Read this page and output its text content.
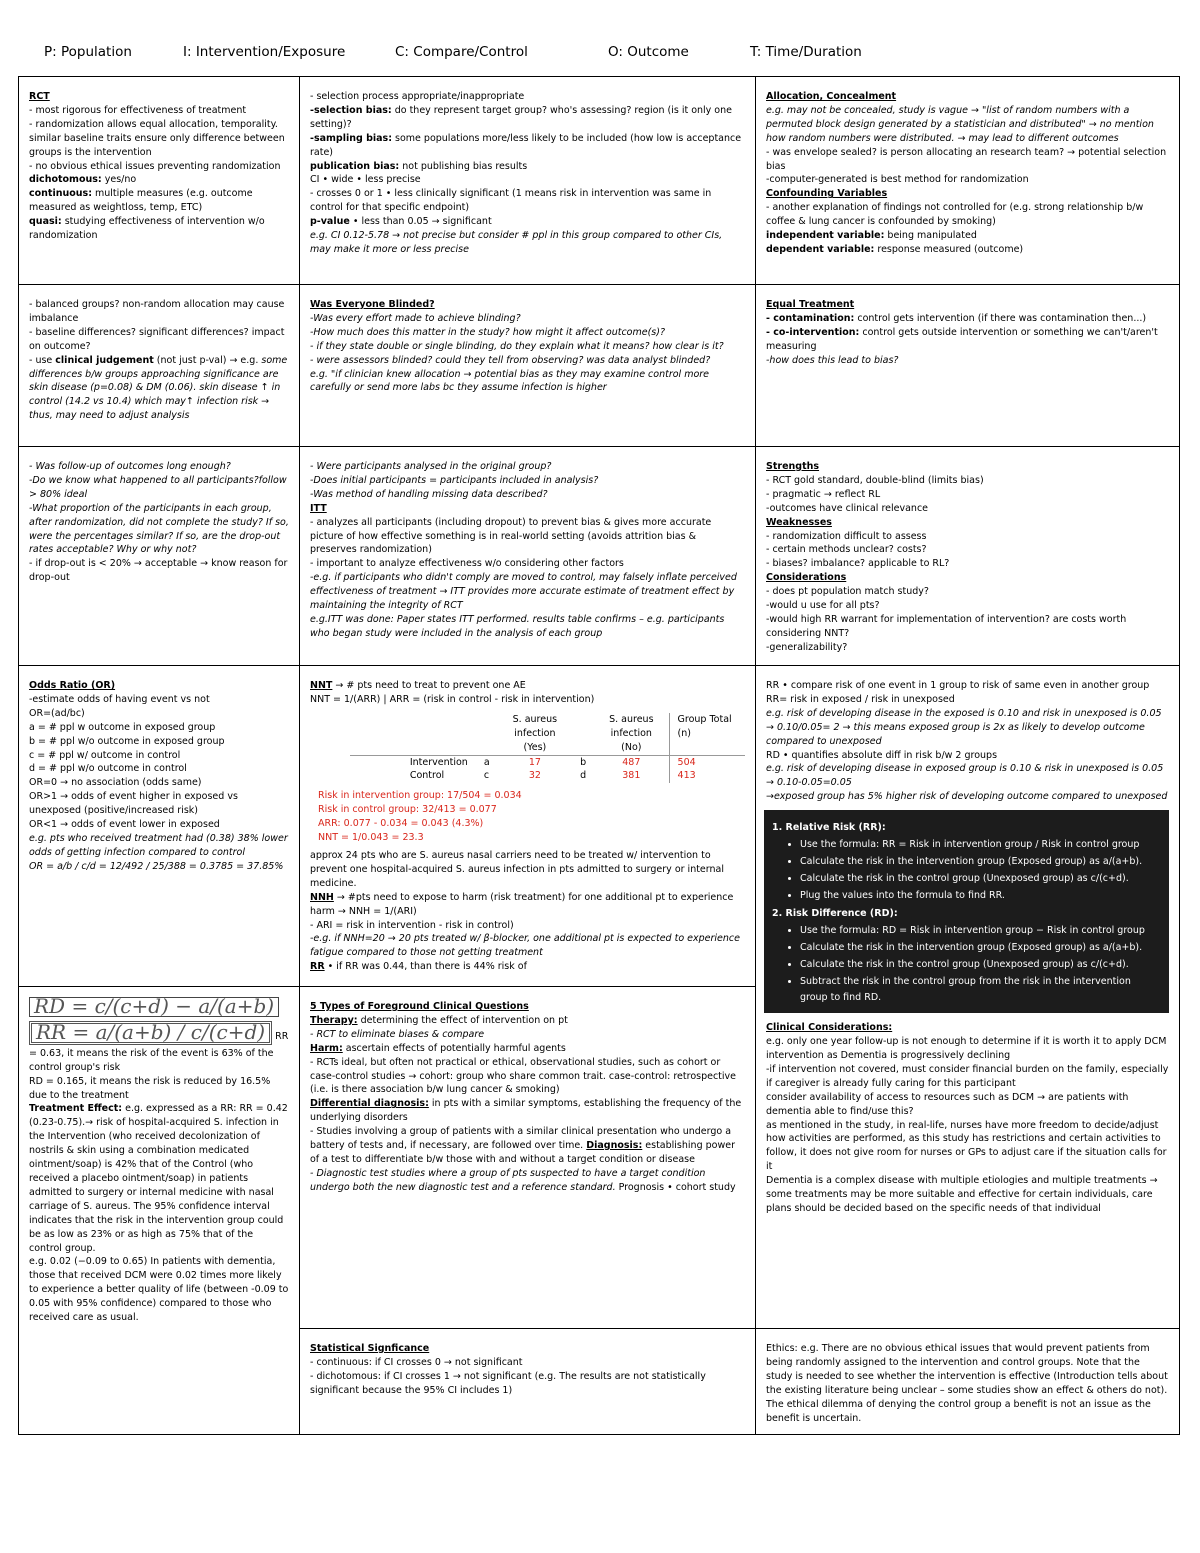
P: Population	I: Intervention/Exposure	C: Compare/Control	O: Outcome	T: Time/Duration

RCT

- most rigorous for effectiveness of treatment

- randomization allows equal allocation, temporality. similar baseline traits ensure only difference between groups is the intervention

- no obvious ethical issues preventing randomization

dichotomous: yes/no

continuous: multiple measures (e.g. outcome measured as weightloss, temp, ETC)

quasi: studying effectiveness of intervention w/o randomization

- selection process appropriate/inappropriate

-selection bias: do they represent target group? who's assessing? region (is it only one setting)?

-sampling bias: some populations more/less likely to be included (how low is acceptance rate)

publication bias: not publishing bias results

CI • wide • less precise

- crosses 0 or 1 • less clinically significant (1 means risk in intervention was same in control for that specific endpoint)

p-value • less than 0.05 → significant

e.g. CI 0.12-5.78 → not precise but consider # ppl in this group compared to other CIs, may make it more or less precise

Allocation, Concealment

e.g. may not be concealed, study is vague → "list of random numbers with a permuted block design generated by a statistician and distributed" → no mention how random numbers were distributed. → may lead to different outcomes

- was envelope sealed? is person allocating an research team? → potential selection bias

-computer-generated is best method for randomization

Confounding Variables

- another explanation of findings not controlled for (e.g. strong relationship b/w coffee & lung cancer is confounded by smoking)

independent variable: being manipulated

dependent variable: response measured (outcome)

- balanced groups? non-random allocation may cause imbalance

- baseline differences? significant differences? impact on outcome?

- use clinical judgement (not just p-val) → e.g. some differences b/w groups approaching significance are skin disease (p=0.08) & DM (0.06). skin disease ↑ in control (14.2 vs 10.4) which may↑ infection risk → thus, may need to adjust analysis

Was Everyone Blinded?

-Was every effort made to achieve blinding?

-How much does this matter in the study? how might it affect outcome(s)?

- if they state double or single blinding, do they explain what it means? how clear is it?

- were assessors blinded? could they tell from observing? was data analyst blinded?

e.g. "if clinician knew allocation → potential bias as they may examine control more carefully or send more labs bc they assume infection is higher

Equal Treatment

- contamination: control gets intervention (if there was contamination then...)

- co-intervention: control gets outside intervention or something we can't/aren't measuring

-how does this lead to bias?

- Was follow-up of outcomes long enough?

-Do we know what happened to all participants?follow > 80% ideal

-What proportion of the participants in each group, after randomization, did not complete the study? If so, were the percentages similar? If so, are the drop-out rates acceptable? Why or why not?

- if drop-out is < 20% → acceptable → know reason for drop-out

- Were participants analysed in the original group?

-Does initial participants = participants included in analysis?

-Was method of handling missing data described?

ITT

- analyzes all participants (including dropout) to prevent bias & gives more accurate picture of how effective something is in real-world setting (avoids attrition bias & preserves randomization)

- important to analyze effectiveness w/o considering other factors

-e.g. if participants who didn't comply are moved to control, may falsely inflate perceived effectiveness of treatment → ITT provides more accurate estimate of treatment effect by maintaining the integrity of RCT

e.g.ITT was done: Paper states ITT performed. results table confirms – e.g. participants who began study were included in the analysis of each group

Strengths

- RCT gold standard, double-blind (limits bias)

- pragmatic → reflect RL

-outcomes have clinical relevance

Weaknesses

- randomization difficult to assess

- certain methods unclear? costs?

- biases? imbalance? applicable to RL?

Considerations

- does pt population match study?

-would u use for all pts?

-would high RR warrant for implementation of intervention? are costs worth considering NNT?

-generalizability?

Odds Ratio (OR)

-estimate odds of having event vs not

OR=(ad/bc)

a = # ppl w outcome in exposed group

b = # ppl w/o outcome in exposed group

c = # ppl w/ outcome in control

d = # ppl w/o outcome in control

OR=0 → no association (odds same)

OR>1 → odds of event higher in exposed vs unexposed (positive/increased risk)

OR<1 → odds of event lower in exposed

e.g. pts who received treatment had (0.38) 38% lower odds of getting infection compared to control

OR = a/b / c/d = 12/492 / 25/388 = 0.3785 = 37.85%

NNT → # pts need to treat to prevent one AE

NNT = 1/(ARR) | ARR = (risk in control - risk in intervention)

			S. aureus infection (Yes)		S. aureus infection (No)	Group Total (n)
	Intervention	a	17	b	487	504
	Control	c	32	d	381	413

Risk in intervention group: 17/504 = 0.034

Risk in control group: 32/413 = 0.077

ARR: 0.077 - 0.034 = 0.043 (4.3%)

NNT = 1/0.043 = 23.3

approx 24 pts who are S. aureus nasal carriers need to be treated w/ intervention to prevent one hospital-acquired S. aureus infection in pts admitted to surgery or internal medicine.

NNH → #pts need to expose to harm (risk treatment) for one additional pt to experience harm → NNH = 1/(ARI)

- ARI = risk in intervention - risk in control)

-e.g. if NNH=20 → 20 pts treated w/ β-blocker, one additional pt is expected to experience fatigue compared to those not getting treatment

RR • if RR was 0.44, than there is 44% risk of

RR • compare risk of one event in 1 group to risk of same even in another group

RR= risk in exposed / risk in unexposed

e.g. risk of developing disease in the exposed is 0.10 and risk in unexposed is 0.05 → 0.10/0.05= 2 → this means exposed group is 2x as likely to develop outcome compared to unexposed

RD • quantifies absolute diff in risk b/w 2 groups

e.g. risk of developing disease in exposed group is 0.10 & risk in unexposed is 0.05 → 0.10-0.05=0.05

→exposed group has 5% higher risk of developing outcome compared to unexposed

1. Relative Risk (RR):
• Use the formula: RR = Risk in intervention group / Risk in control group
• Calculate the risk in the intervention group (Exposed group) as a/(a+b).
• Calculate the risk in the control group (Unexposed group) as c/(c+d).
• Plug the values into the formula to find RR.
2. Risk Difference (RD):
• Use the formula: RD = Risk in intervention group − Risk in control group
• Calculate the risk in the intervention group (Exposed group) as a/(a+b).
• Calculate the risk in the control group (Unexposed group) as c/(c+d).
• Subtract the risk in the control group from the risk in the intervention group to find RD.

Clinical Considerations:

e.g. only one year follow-up is not enough to determine if it is worth it to apply DCM intervention as Dementia is progressively declining

-if intervention not covered, must consider financial burden on the family, especially if caregiver is already fully caring for this participant

consider availability of access to resources such as DCM → are patients with dementia able to find/use this?

as mentioned in the study, in real-life, nurses have more freedom to decide/adjust how activities are performed, as this study has restrictions and certain activities to follow, it does not give room for nurses or GPs to adjust care if the situation calls for it

Dementia is a complex disease with multiple etiologies and multiple treatments → some treatments may be more suitable and effective for certain individuals, care plans should be decided based on the specific needs of that individual

RD = c/(c+d) − a/(a+b)
RR = a/(a+b) / c/(c+d) RR = 0.63, it means the risk of the event is 63% of the control group's risk

RD = 0.165, it means the risk is reduced by 16.5% due to the treatment

Treatment Effect: e.g. expressed as a RR: RR = 0.42 (0.23-0.75).→ risk of hospital-acquired S. infection in the Intervention (who received decolonization of nostrils & skin using a combination medicated ointment/soap) is 42% that of the Control (who received a placebo ointment/soap) in patients admitted to surgery or internal medicine with nasal carriage of S. aureus. The 95% confidence interval indicates that the risk in the intervention group could be as low as 23% or as high as 75% that of the control group.

e.g. 0.02 (−0.09 to 0.65) In patients with dementia, those that received DCM were 0.02 times more likely to experience a better quality of life (between -0.09 to 0.05 with 95% confidence) compared to those who received care as usual.

5 Types of Foreground Clinical Questions

Therapy: determining the effect of intervention on pt

- RCT to eliminate biases & compare

Harm: ascertain effects of potentially harmful agents

- RCTs ideal, but often not practical or ethical, observational studies, such as cohort or case-control studies → cohort: group who share common trait. case-control: retrospective (i.e. is there association b/w lung cancer & smoking)

Differential diagnosis: in pts with a similar symptoms, establishing the frequency of the underlying disorders

- Studies involving a group of patients with a similar clinical presentation who undergo a battery of tests and, if necessary, are followed over time. Diagnosis: establishing power of a test to differentiate b/w those with and without a target condition or disease

- Diagnostic test studies where a group of pts suspected to have a target condition undergo both the new diagnostic test and a reference standard. Prognosis • cohort study

Statistical Signficance

- continuous: if CI crosses 0 → not significant

- dichotomous: if CI crosses 1 → not significant (e.g. The results are not statistically significant because the 95% CI includes 1)

Ethics: e.g. There are no obvious ethical issues that would prevent patients from being randomly assigned to the intervention and control groups. Note that the study is needed to see whether the intervention is effective (Introduction tells about the existing literature being unclear – some studies show an effect & others do not). The ethical dilemma of denying the control group a benefit is not an issue as the benefit is uncertain.
